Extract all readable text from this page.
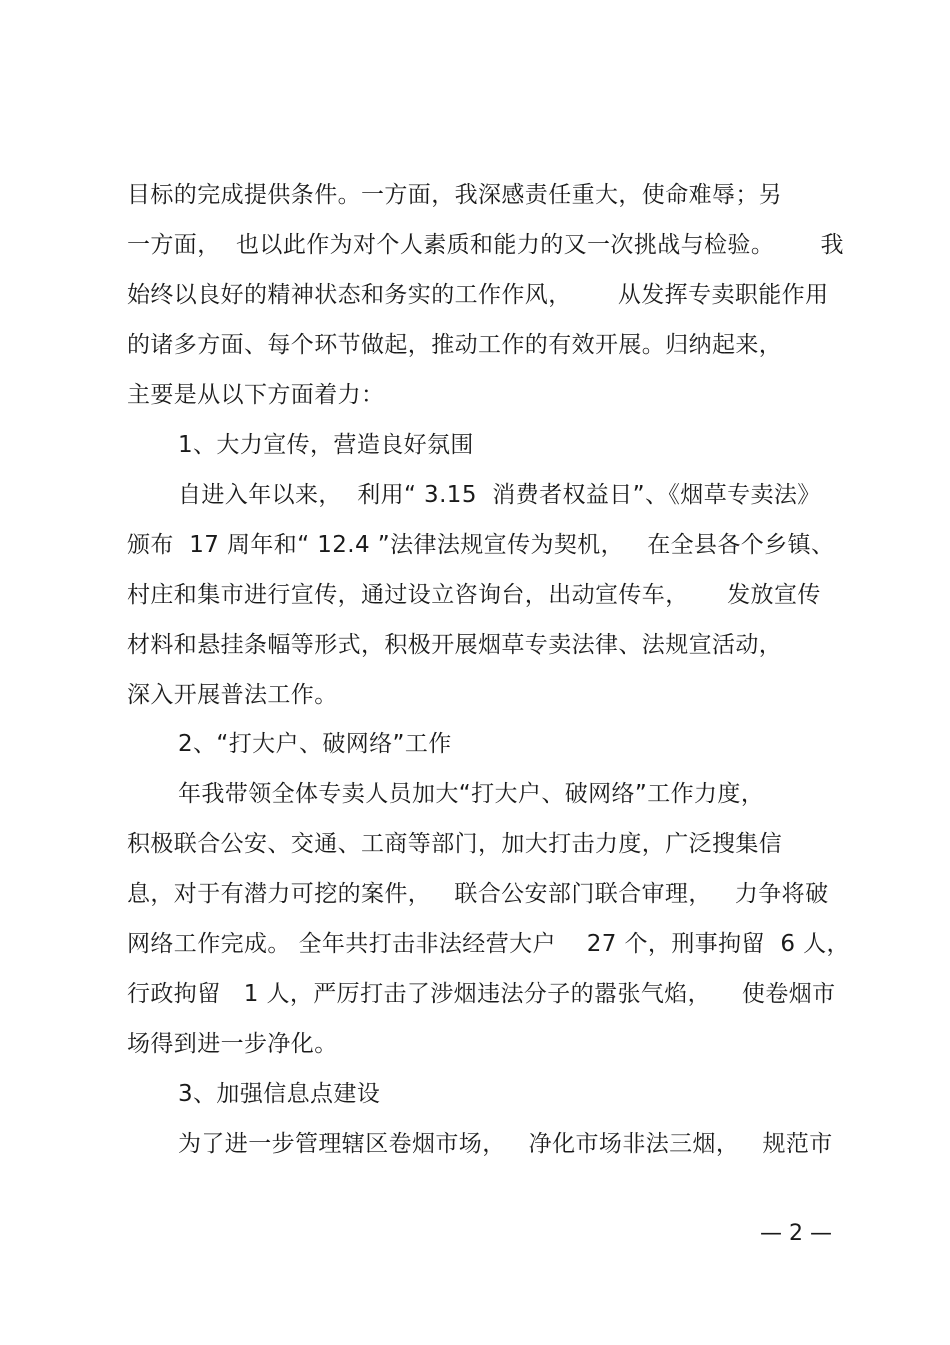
目标的完成提供条件。一方面，我深感责任重大，使命难辱；另
一方面，  也以此作为对个人素质和能力的又一次挑战与检验。      我
始终以良好的精神状态和务实的工作作风，      从发挥专卖职能作用
的诸多方面、每个环节做起，推动工作的有效开展。归纳起来，
主要是从以下方面着力：
1、大力宣传，营造良好氛围
自进入年以来，  利用“ 3.15  消费者权益日”、《烟草专卖法》
颁布  17 周年和“ 12.4 ”法律法规宣传为契机，   在全县各个乡镇、
村庄和集市进行宣传，通过设立咨询台，出动宣传车，     发放宣传
材料和悬挂条幅等形式，积极开展烟草专卖法律、法规宣活动，
深入开展普法工作。
2、“打大户、破网络”工作
年我带领全体专卖人员加大“打大户、破网络”工作力度，
积极联合公安、交通、工商等部门，加大打击力度，广泛搜集信
息，对于有潜力可挖的案件，   联合公安部门联合审理，   力争将破
网络工作完成。 全年共打击非法经营大户    27 个，刑事拘留  6 人，
行政拘留   1 人，严厉打击了涉烟违法分子的嚣张气焰，    使卷烟市
场得到进一步净化。
3、加强信息点建设
为了进一步管理辖区卷烟市场，   净化市场非法三烟，   规范市
— 2 —
